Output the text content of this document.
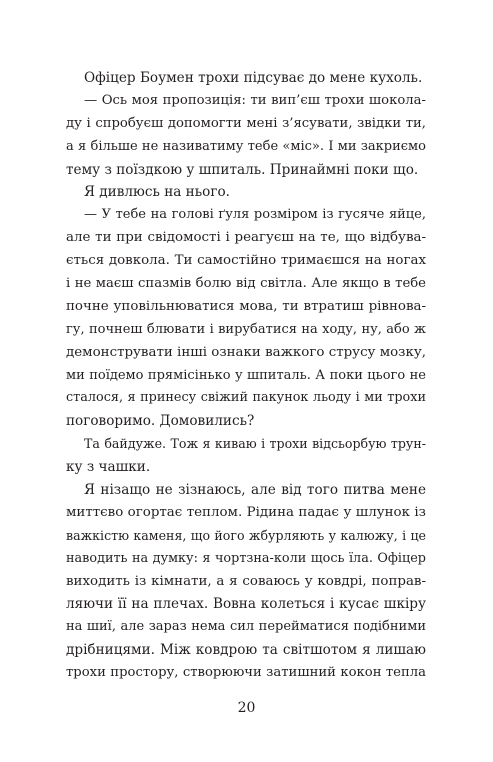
Офіцер Боумен трохи підсуває до мене кухоль.
— Ось моя пропозиція: ти вип’єш трохи шокола-
ду і спробуєш допомогти мені з’ясувати, звідки ти,
а я більше не називатиму тебе «міс». І ми закриємо
тему з поїздкою у шпиталь. Принаймні поки що.
Я дивлюсь на нього.
— У тебе на голові ґуля розміром із гусяче яйце,
але ти при свідомості і реагуєш на те, що відбува-
ється довкола. Ти самостійно тримаєшся на ногах
і не маєш спазмів болю від світла. Але якщо в тебе
почне уповільнюватися мова, ти втратиш рівнова-
гу, почнеш блювати і вирубатися на ходу, ну, або ж
демонструвати інші ознаки важкого струсу мозку,
ми поїдемо прямісінько у шпиталь. А поки цього не
сталося, я принесу свіжий пакунок льоду і ми трохи
поговоримо. Домовились?
Та байдуже. Тож я киваю і трохи відсьорбую трун-
ку з чашки.
Я нізащо не зізнаюсь, але від того питва мене
миттєво огортає теплом. Рідина падає у шлунок із
важкістю каменя, що його жбурляють у калюжу, і це
наводить на думку: я чортзна-коли щось їла. Офіцер
виходить із кімнати, а я соваюсь у ковдрі, поправ-
ляючи її на плечах. Вовна колеться і кусає шкіру
на шиї, але зараз нема сил перейматися подібними
дрібницями. Між ковдрою та світшотом я лишаю
трохи простору, створюючи затишний кокон тепла
20
